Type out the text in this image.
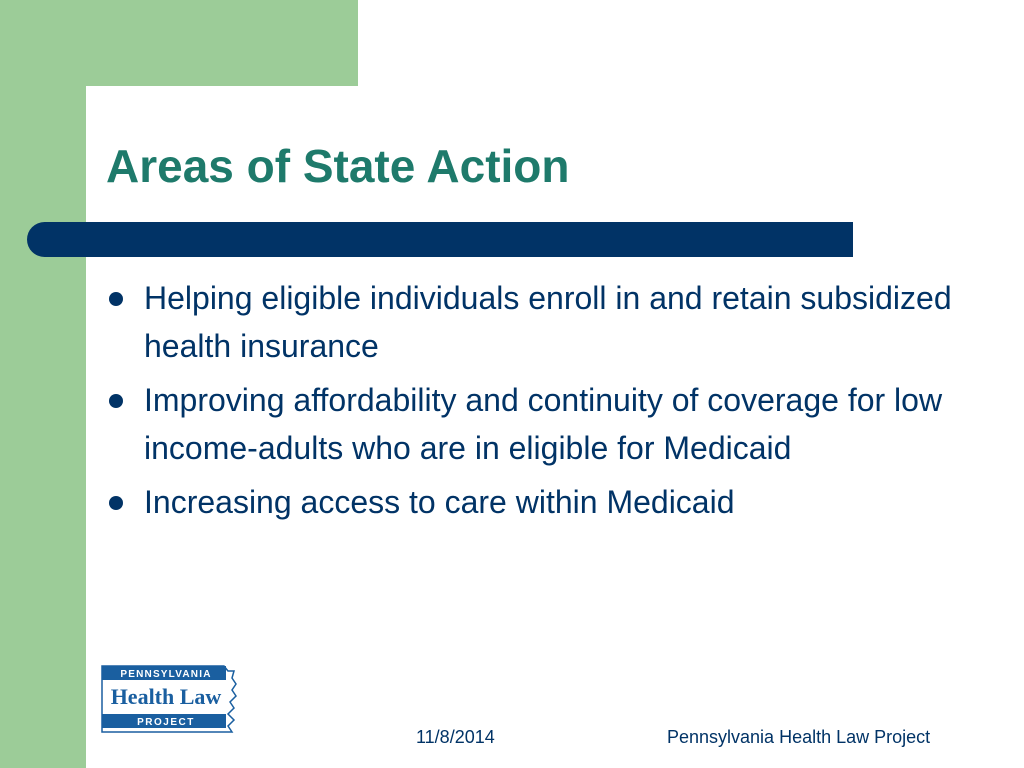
Areas of State Action
Helping eligible individuals enroll in and retain subsidized health insurance
Improving affordability and continuity of coverage for low income-adults who are in eligible for Medicaid
Increasing access to care within Medicaid
PENNSYLVANIA
Health Law
PROJECT
11/8/2014	Pennsylvania Health Law Project
